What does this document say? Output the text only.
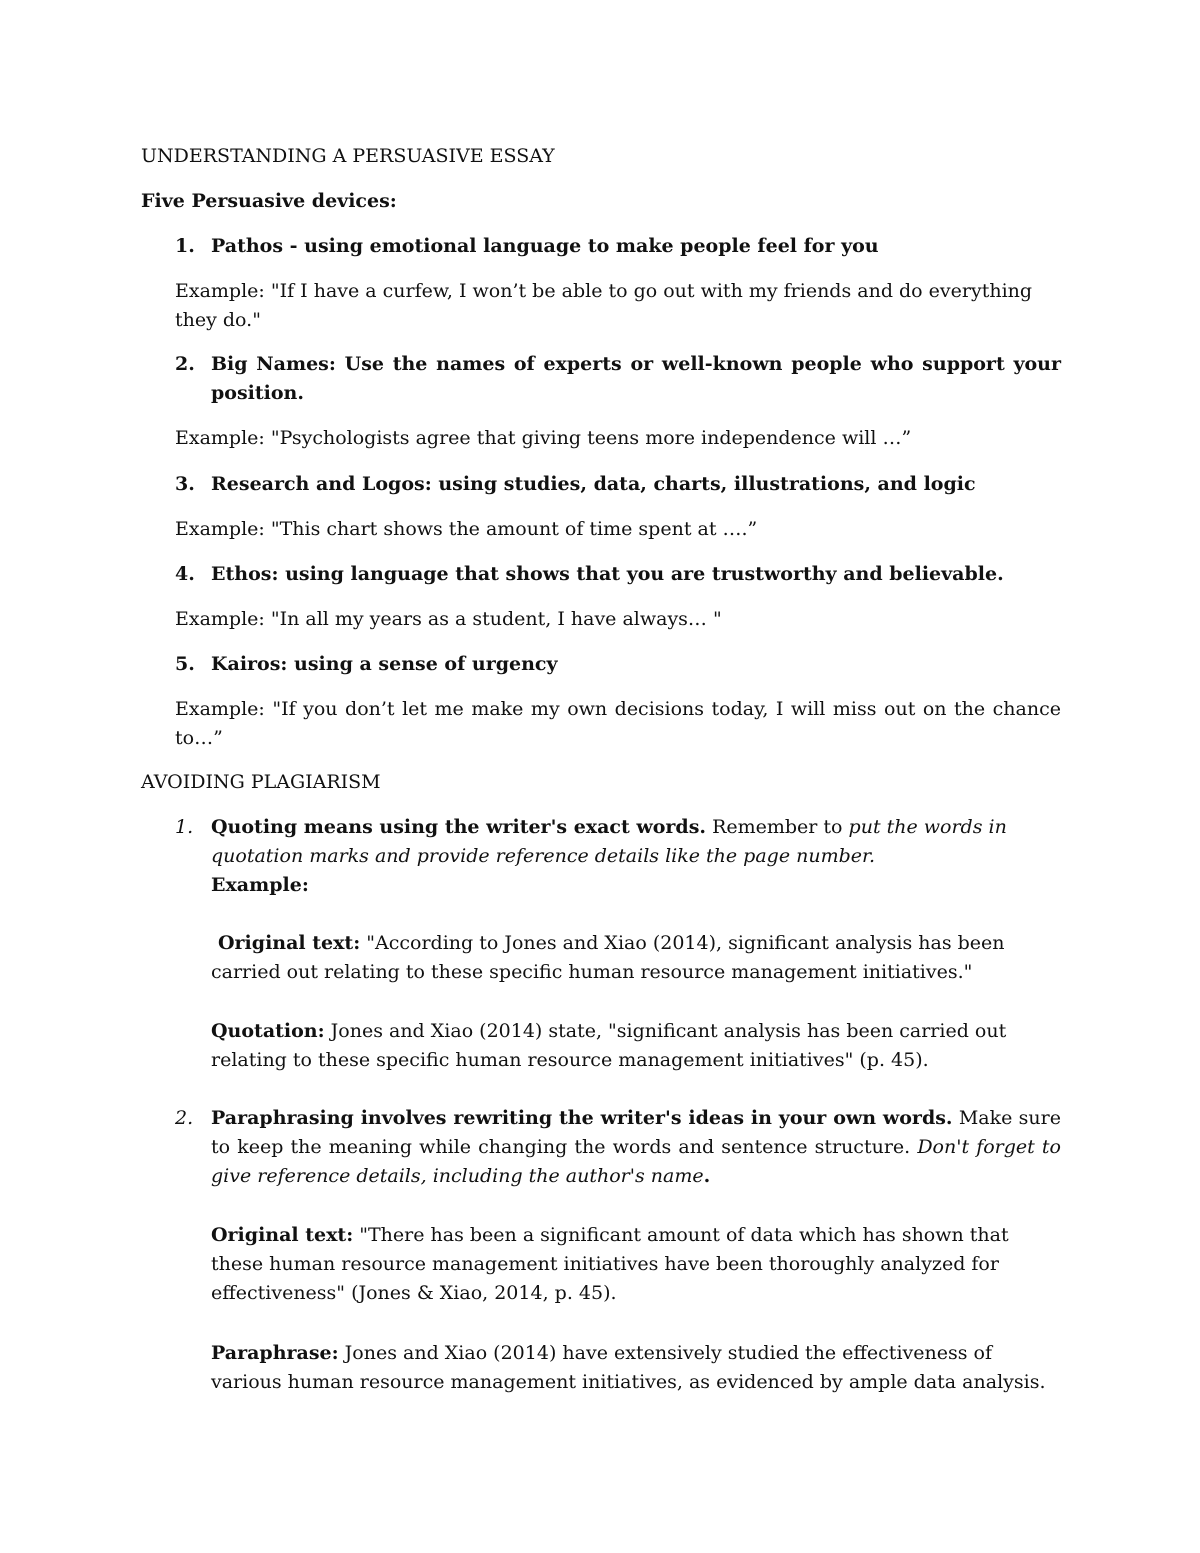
UNDERSTANDING A PERSUASIVE ESSAY
Five Persuasive devices:
1. Pathos - using emotional language to make people feel for you
Example: "If I have a curfew, I won’t be able to go out with my friends and do everything they do."
2. Big Names: Use the names of experts or well-known people who support your position.
Example: "Psychologists agree that giving teens more independence will …”
3. Research and Logos: using studies, data, charts, illustrations, and logic
Example: "This chart shows the amount of time spent at ….”
4. Ethos: using language that shows that you are trustworthy and believable.
Example: "In all my years as a student, I have always… "
5. Kairos: using a sense of urgency
Example: "If you don’t let me make my own decisions today, I will miss out on the chance to…”
AVOIDING PLAGIARISM
1. Quoting means using the writer's exact words. Remember to put the words in quotation marks and provide reference details like the page number.
Example:
Original text: "According to Jones and Xiao (2014), significant analysis has been carried out relating to these specific human resource management initiatives."
Quotation: Jones and Xiao (2014) state, "significant analysis has been carried out relating to these specific human resource management initiatives" (p. 45).
2. Paraphrasing involves rewriting the writer's ideas in your own words. Make sure to keep the meaning while changing the words and sentence structure. Don't forget to give reference details, including the author's name.
Original text: "There has been a significant amount of data which has shown that these human resource management initiatives have been thoroughly analyzed for effectiveness" (Jones & Xiao, 2014, p. 45).
Paraphrase: Jones and Xiao (2014) have extensively studied the effectiveness of various human resource management initiatives, as evidenced by ample data analysis.
